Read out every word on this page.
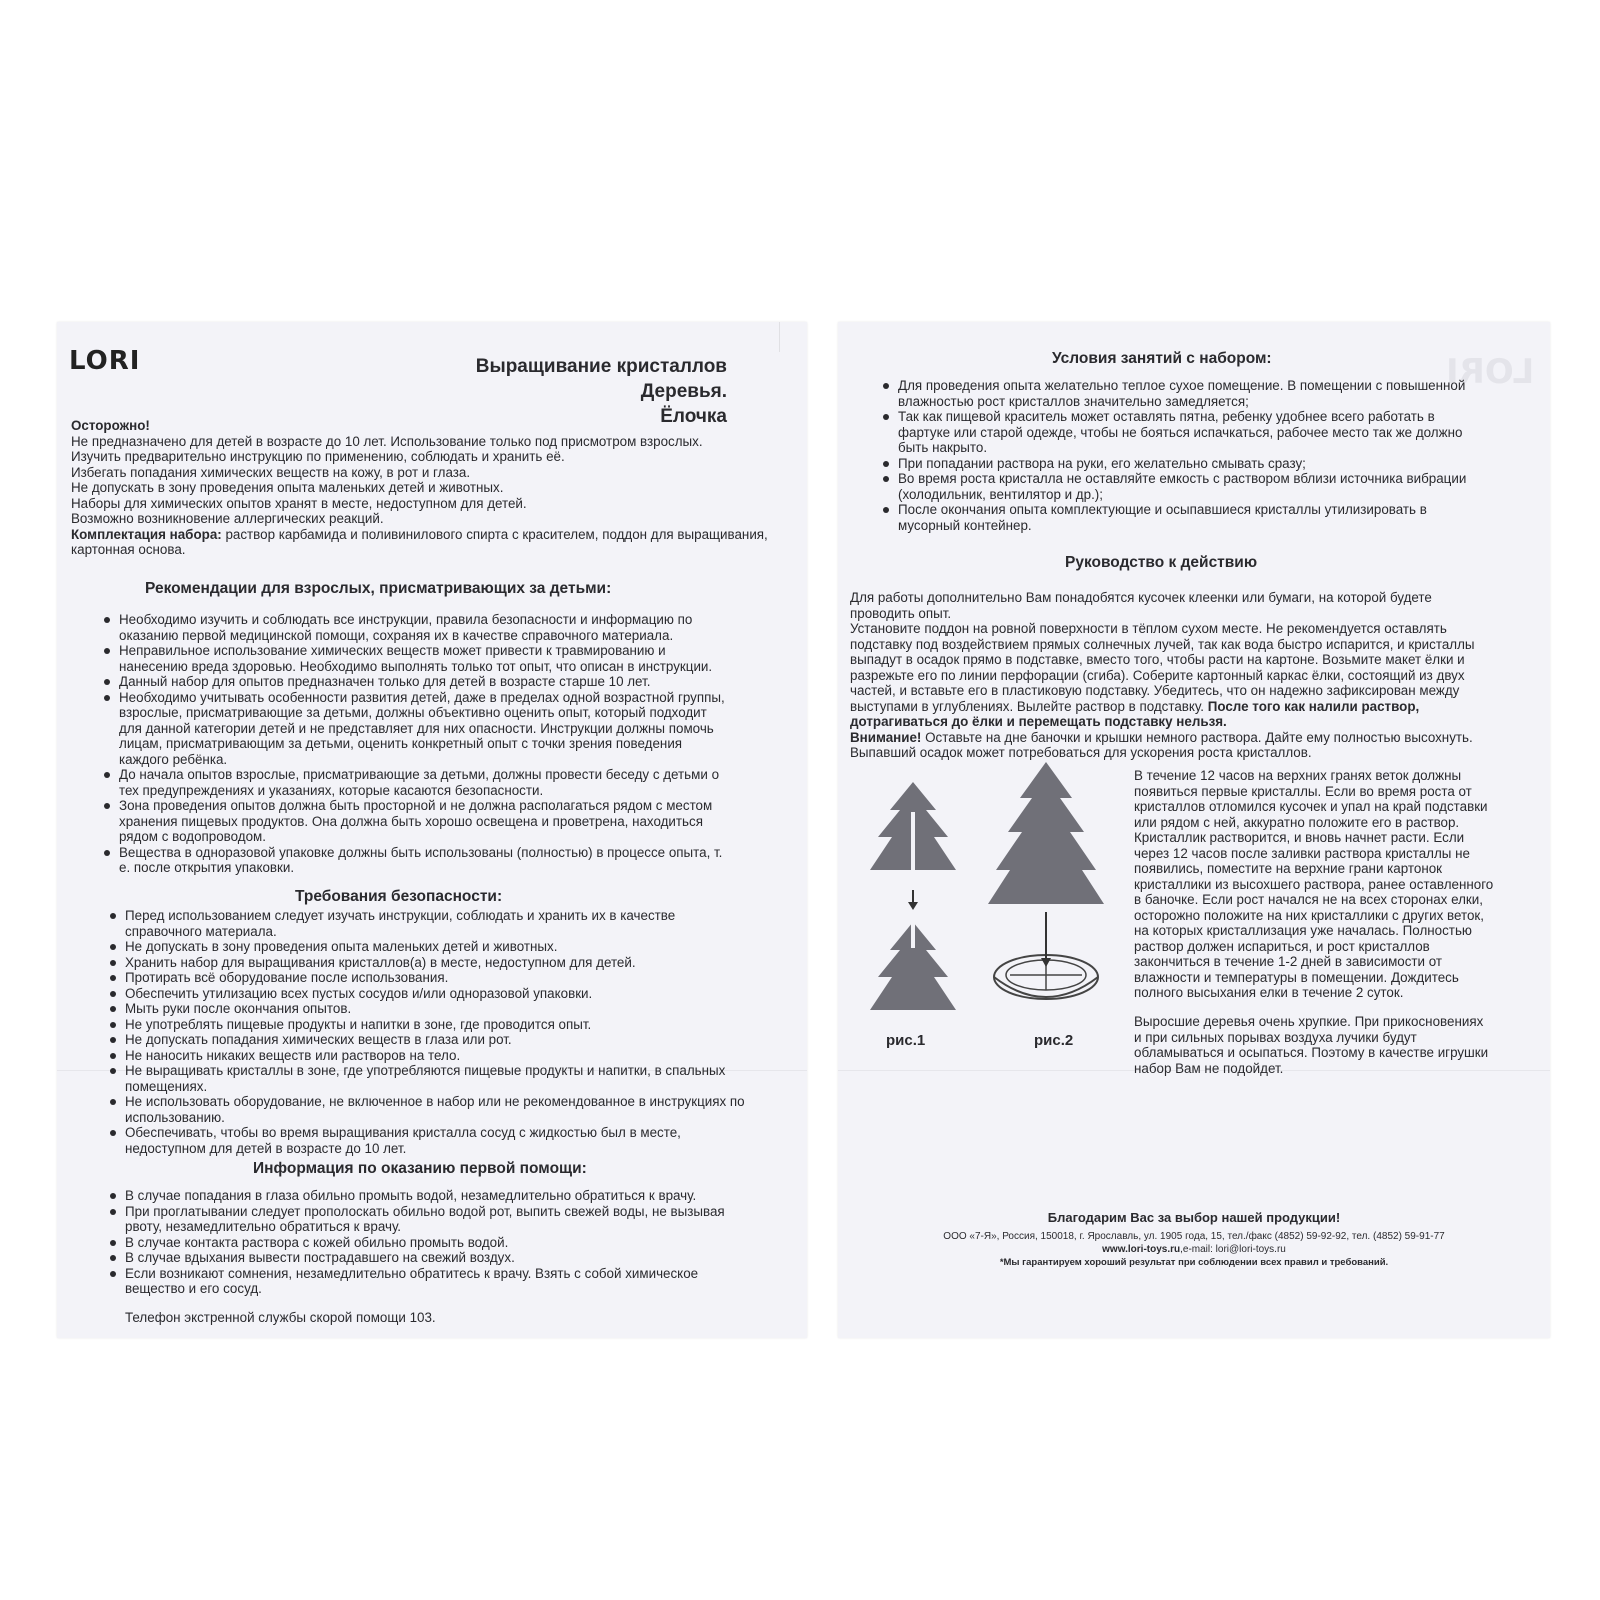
LORI	Выращивание кристаллов
Деревья.
Ёлочка

Осторожно!

Не предназначено для детей в возрасте до 10 лет. Использование только под присмотром взрослых.

Изучить предварительно инструкцию по применению, соблюдать и хранить её.

Избегать попадания химических веществ на кожу, в рот и глаза.

Не допускать в зону проведения опыта маленьких детей и животных.

Наборы для химических опытов хранят в месте, недоступном для детей.

Возможно возникновение аллергических реакций.

Комплектация набора: раствор карбамида и поливинилового спирта с красителем, поддон для выращивания, картонная основа.

Рекомендации для взрослых, присматривающих за детьми:
Необходимо изучить и соблюдать все инструкции, правила безопасности и информацию по оказанию первой медицинской помощи, сохраняя их в качестве справочного материала.
Неправильное использование химических веществ может привести к травмированию и нанесению вреда здоровью. Необходимо выполнять только тот опыт, что описан в инструкции.
Данный набор для опытов предназначен только для детей в возрасте старше 10 лет.
Необходимо учитывать особенности развития детей, даже в пределах одной возрастной группы, взрослые, присматривающие за детьми, должны объективно оценить опыт, который подходит для данной категории детей и не представляет для них опасности. Инструкции должны помочь лицам, присматривающим за детьми, оценить конкретный опыт с точки зрения поведения каждого ребёнка.
До начала опытов взрослые, присматривающие за детьми, должны провести беседу с детьми о тех предупреждениях и указаниях, которые касаются безопасности.
Зона проведения опытов должна быть просторной и не должна располагаться рядом с местом хранения пищевых продуктов. Она должна быть хорошо освещена и проветрена, находиться рядом с водопроводом.
Вещества в одноразовой упаковке должны быть использованы (полностью) в процессе опыта, т. е. после открытия упаковки.
Требования безопасности:
Перед использованием следует изучать инструкции, соблюдать и хранить их в качестве справочного материала.
Не допускать в зону проведения опыта маленьких детей и животных.
Хранить набор для выращивания кристаллов(а) в месте, недоступном для детей.
Протирать всё оборудование после использования.
Обеспечить утилизацию всех пустых сосудов и/или одноразовой упаковки.
Мыть руки после окончания опытов.
Не употреблять пищевые продукты и напитки в зоне, где проводится опыт.
Не допускать попадания химических веществ в глаза или рот.
Не наносить никаких веществ или растворов на тело.
Не выращивать кристаллы в зоне, где употребляются пищевые продукты и напитки, в спальных помещениях.
Не использовать оборудование, не включенное в набор или не рекомендованное в инструкциях по использованию.
Обеспечивать, чтобы во время выращивания кристалла сосуд с жидкостью был в месте, недоступном для детей в возрасте до 10 лет.
Информация по оказанию первой помощи:
В случае попадания в глаза обильно промыть водой, незамедлительно обратиться к врачу.
При проглатывании следует прополоскать обильно водой рот, выпить свежей воды, не вызывая рвоту, незамедлительно обратиться к врачу.
В случае контакта раствора с кожей обильно промыть водой.
В случае вдыхания вывести пострадавшего на свежий воздух.
Если возникают сомнения, незамедлительно обратитесь к врачу. Взять с собой химическое вещество и его сосуд.
Телефон экстренной службы скорой помощи 103.
LORI
Условия занятий с набором:
Для проведения опыта желательно теплое сухое помещение. В помещении с повышенной влажностью рост кристаллов значительно замедляется;
Так как пищевой краситель может оставлять пятна, ребенку удобнее всего работать в фартуке или старой одежде, чтобы не бояться испачкаться, рабочее место так же должно быть накрыто.
При попадании раствора на руки, его желательно смывать сразу;
Во время роста кристалла не оставляйте емкость с раствором вблизи источника вибрации (холодильник, вентилятор и др.);
После окончания опыта комплектующие и осыпавшиеся кристаллы утилизировать в мусорный контейнер.
Руководство к действию

Для работы дополнительно Вам понадобятся кусочек клеенки или бумаги, на которой будете проводить опыт.

Установите поддон на ровной поверхности в тёплом сухом месте. Не рекомендуется оставлять подставку под воздействием прямых солнечных лучей, так как вода быстро испарится, и кристаллы выпадут в осадок прямо в подставке, вместо того, чтобы расти на картоне. Возьмите макет ёлки и разрежьте его по линии перфорации (сгиба). Соберите картонный каркас ёлки, состоящий из двух частей, и вставьте его в пластиковую подставку. Убедитесь, что он надежно зафиксирован между выступами в углублениях. Вылейте раствор в подставку. После того как налили раствор, дотрагиваться до ёлки и перемещать подставку нельзя.

Внимание! Оставьте на дне баночки и крышки немного раствора. Дайте ему полностью высохнуть. Выпавший осадок может потребоваться для ускорения роста кристаллов.

рис.1	рис.2
В течение 12 часов на верхних гранях веток должны появиться первые кристаллы. Если во время роста от кристаллов отломился кусочек и упал на край подставки или рядом с ней, аккуратно положите его в раствор. Кристаллик растворится, и вновь начнет расти. Если через 12 часов после заливки раствора кристаллы не появились, поместите на верхние грани картонок кристаллики из высохшего раствора, ранее оставленного в баночке. Если рост начался не на всех сторонах елки, осторожно положите на них кристаллики с других веток, на которых кристаллизация уже началась. Полностью раствор должен испариться, и рост кристаллов закончиться в течение 1-2 дней в зависимости от влажности и температуры в помещении. Дождитесь полного высыхания елки в течение 2 суток.
Выросшие деревья очень хрупкие. При прикосновениях и при сильных порывах воздуха лучики будут обламываться и осыпаться. Поэтому в качестве игрушки набор Вам не подойдет.
Благодарим Вас за выбор нашей продукции!
ООО «7-Я», Россия, 150018, г. Ярославль, ул. 1905 года, 15, тел./факс (4852) 59-92-92, тел. (4852) 59-91-77
www.lori-toys.ru,e-mail: lori@lori-toys.ru
*Мы гарантируем хороший результат при соблюдении всех правил и требований.
